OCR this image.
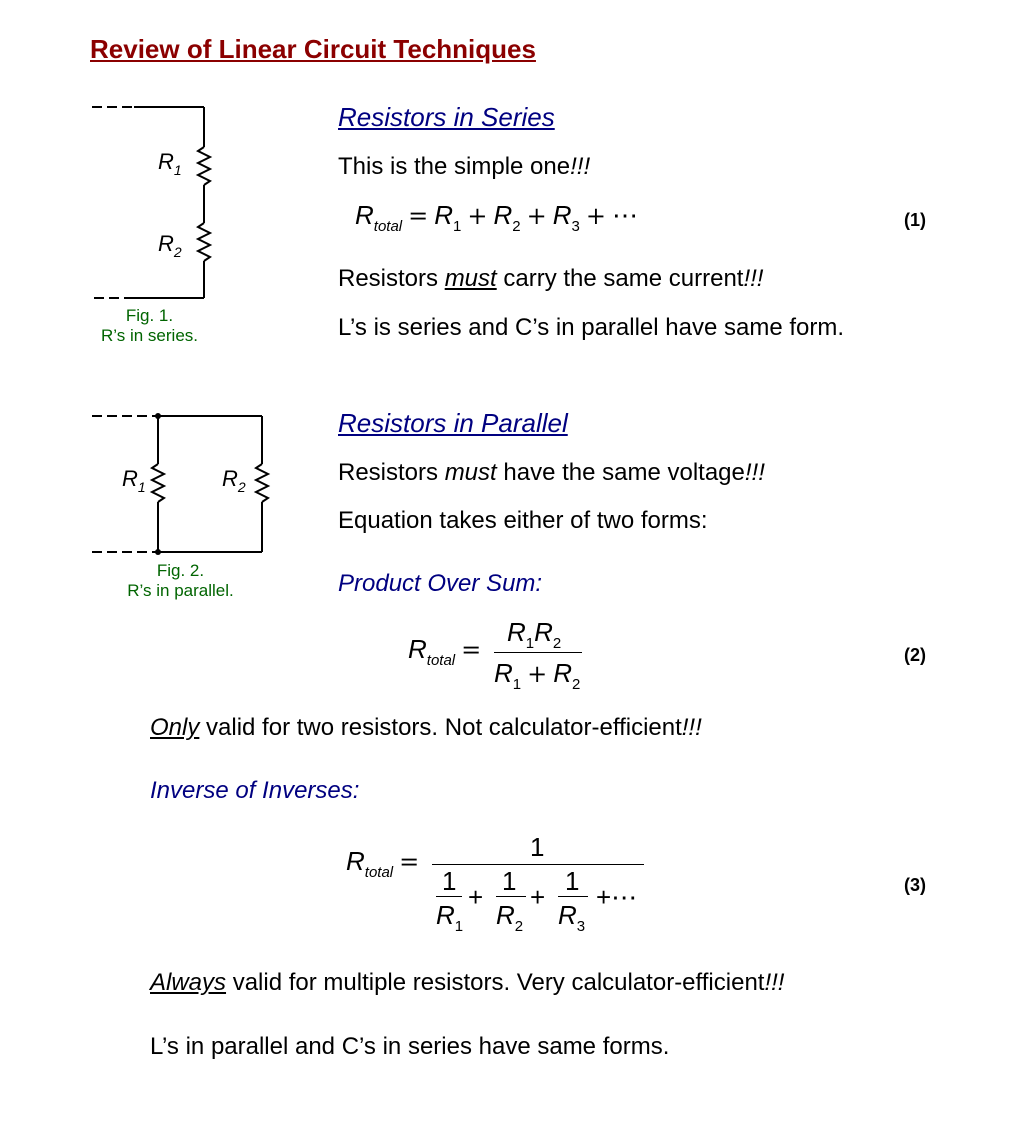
Review of Linear Circuit Techniques
$R_1$
$R_2$
Fig. 1.
R’s in series.
Resistors in Series
This is the simple one!!!
$R_{total} = R_1 + R_2 + R_3$ + ⋯	(1)
Resistors must carry the same current!!!
L’s is series and C’s in parallel have same form.
$R_1$	$R_2$
Fig. 2.
R’s in parallel.
Resistors in Parallel
Resistors must have the same voltage!!!
Equation takes either of two forms:
Product Over Sum:
$R_{total}$ =
$R_1R_2$
$R_1 + R_2$
(2)
Only valid for two resistors. Not calculator-efficient!!!
Inverse of Inverses:
$R_{total}$ =	1
1
$R_1$
+
1
$R_2$
+
1
$R_3$
+⋯	(3)
Always valid for multiple resistors. Very calculator-efficient!!!
L’s in parallel and C’s in series have same forms.
